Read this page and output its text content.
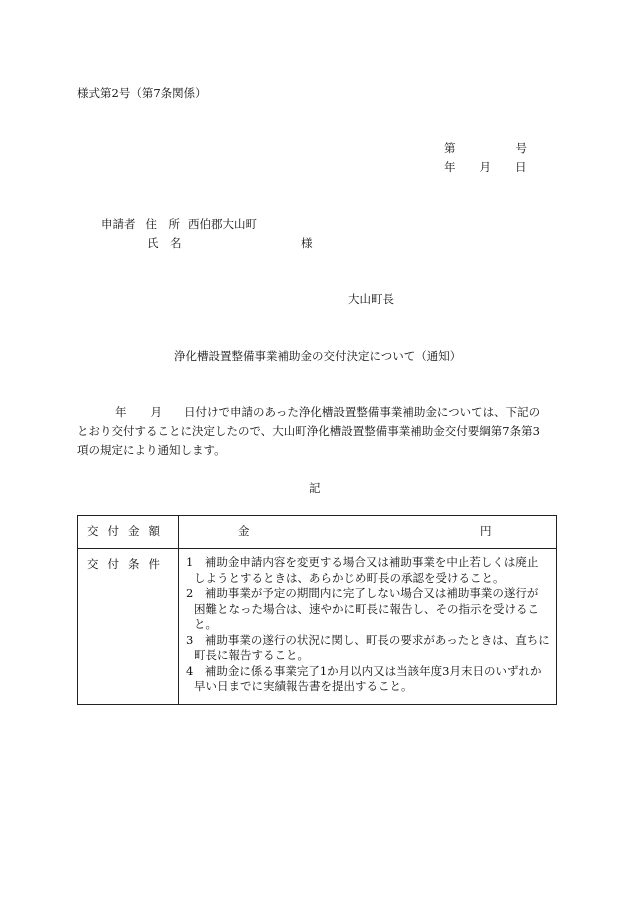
様式第2号（第7条関係）
第	号
年 月 日
申請者 住　所 西伯郡大山町
氏　名	様
大山町長
浄化槽設置整備事業補助金の交付決定について（通知）
年 月 日付けで申請のあった浄化槽設置整備事業補助金については、下記の
とおり交付することに決定したので、大山町浄化槽設置整備事業補助金交付要綱第7条第3
項の規定により通知します。
記
交付金額	金	円
交付条件	1　補助金申請内容を変更する場合又は補助事業を中止若しくは廃止

しようとするときは、あらかじめ町長の承認を受けること。

2　補助事業が予定の期間内に完了しない場合又は補助事業の遂行が

困難となった場合は、速やかに町長に報告し、その指示を受けること。

3　補助事業の遂行の状況に関し、町長の要求があったときは、直ちに

町長に報告すること。

4　補助金に係る事業完了1か月以内又は当該年度3月末日のいずれか

早い日までに実績報告書を提出すること。
